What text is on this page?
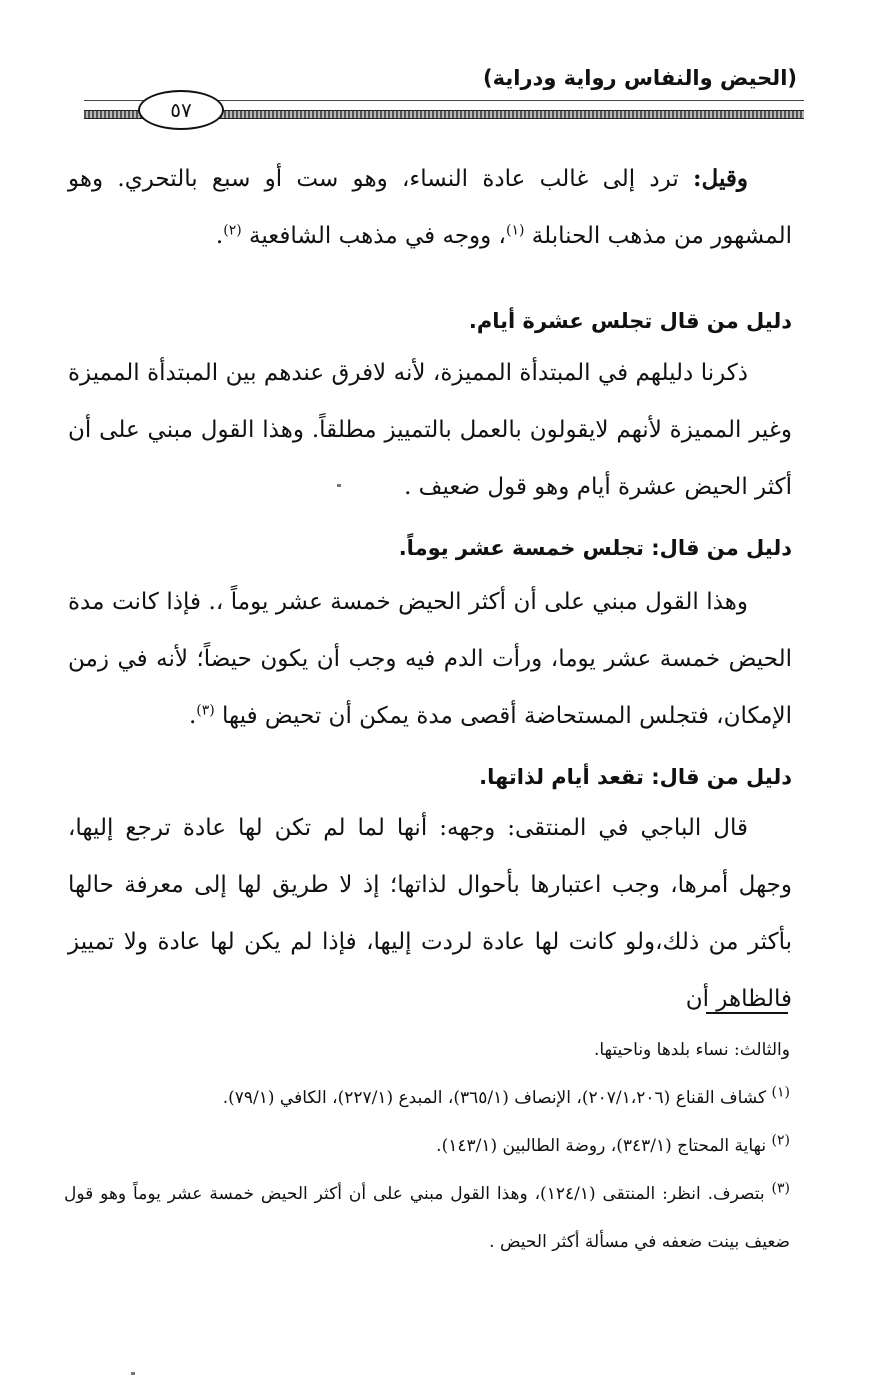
(الحيض والنفاس رواية ودراية)
٥٧

وقيل: ترد إلى غالب عادة النساء، وهو ست أو سبع بالتحري. وهو المشهور من مذهب الحنابلة $^{(١)}$، ووجه في مذهب الشافعية $^{(٢)}$.

دليل من قال تجلس عشرة أيام.

ذكرنا دليلهم في المبتدأة المميزة، لأنه لافرق عندهم بين المبتدأة المميزة وغير المميزة لأنهم لايقولون بالعمل بالتمييز مطلقاً. وهذا القول مبني على أن أكثر الحيض عشرة أيام وهو قول ضعيف .

دليل من قال: تجلس خمسة عشر يوماً.

وهذا القول مبني على أن أكثر الحيض خمسة عشر يوماً ،. فإذا كانت مدة الحيض خمسة عشر يوما، ورأت الدم فيه وجب أن يكون حيضاً؛ لأنه في زمن الإمكان، فتجلس المستحاضة أقصى مدة يمكن أن تحيض فيها $^{(٣)}$.

دليل من قال: تقعد أيام لذاتها.

قال الباجي في المنتقى: وجهه: أنها لما لم تكن لها عادة ترجع إليها، وجهل أمرها، وجب اعتبارها بأحوال لذاتها؛ إذ لا طريق لها إلى معرفة حالها بأكثر من ذلك،ولو كانت لها عادة لردت إليها، فإذا لم يكن لها عادة ولا تمييز فالظاهر أن

والثالث: نساء بلدها وناحيتها.

$^{(١)}$ كشاف القناع (٢٠٧/١،٢٠٦)، الإنصاف (٣٦٥/١)، المبدع (٢٢٧/١)، الكافي (٧٩/١).

$^{(٢)}$ نهاية المحتاج (٣٤٣/١)، روضة الطالبين (١٤٣/١).

$^{(٣)}$ بتصرف. انظر: المنتقى (١٢٤/١)، وهذا القول مبني على أن أكثر الحيض خمسة عشر يوماً وهو قول ضعيف بينت ضعفه في مسألة أكثر الحيض .
